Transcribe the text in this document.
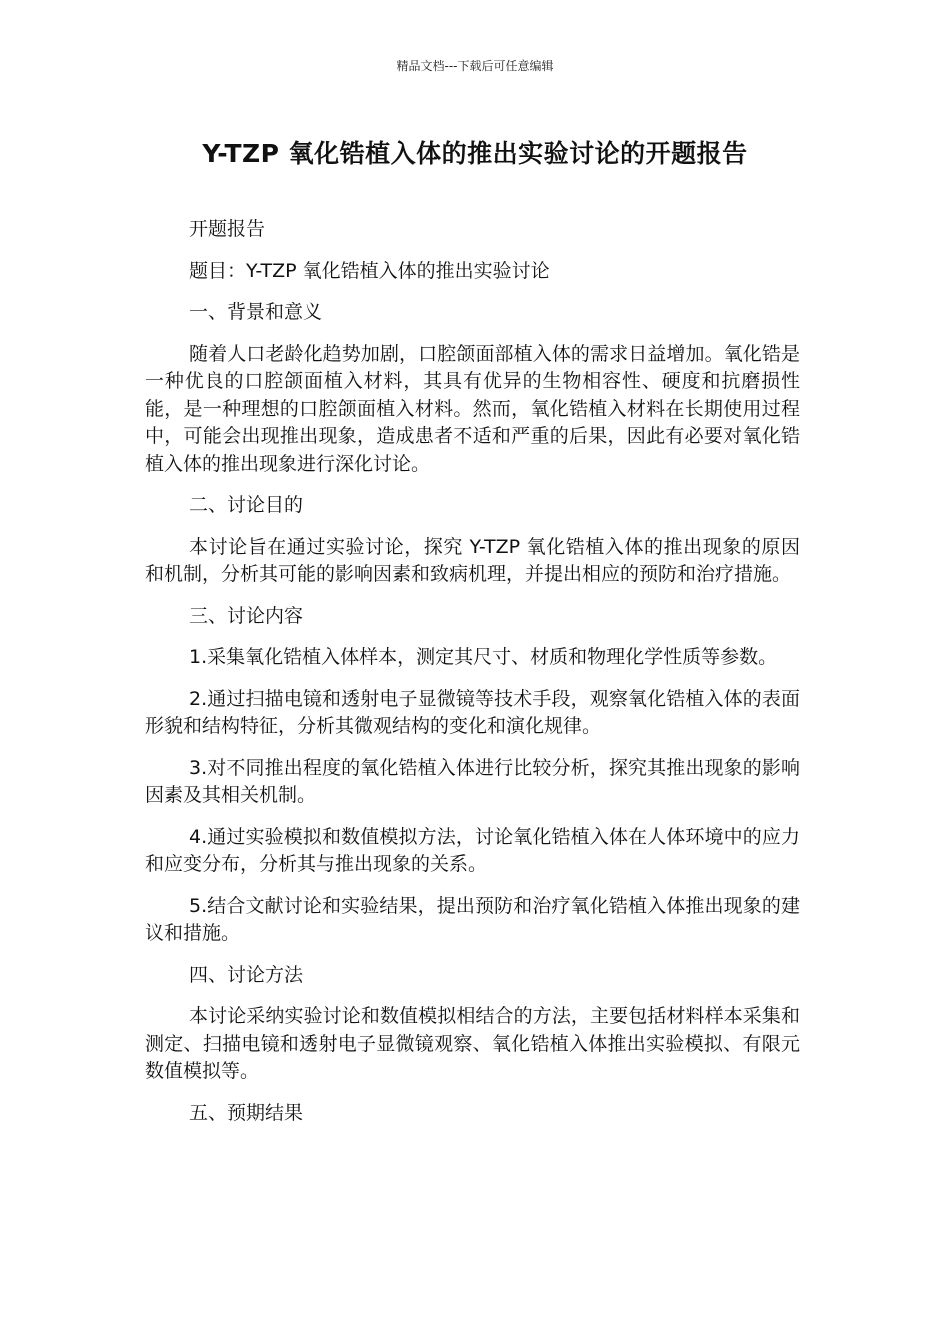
精品文档---下载后可任意编辑
Y-TZP 氧化锆植入体的推出实验讨论的开题报告

开题报告

题目：Y-TZP 氧化锆植入体的推出实验讨论

一、背景和意义

随着人口老龄化趋势加剧，口腔颌面部植入体的需求日益增加。氧化锆是一种优良的口腔颌面植入材料，其具有优异的生物相容性、硬度和抗磨损性能，是一种理想的口腔颌面植入材料。然而，氧化锆植入材料在长期使用过程中，可能会出现推出现象，造成患者不适和严重的后果，因此有必要对氧化锆植入体的推出现象进行深化讨论。

二、讨论目的

本讨论旨在通过实验讨论，探究 Y-TZP 氧化锆植入体的推出现象的原因和机制，分析其可能的影响因素和致病机理，并提出相应的预防和治疗措施。

三、讨论内容

1.采集氧化锆植入体样本，测定其尺寸、材质和物理化学性质等参数。

2.通过扫描电镜和透射电子显微镜等技术手段，观察氧化锆植入体的表面形貌和结构特征，分析其微观结构的变化和演化规律。

3.对不同推出程度的氧化锆植入体进行比较分析，探究其推出现象的影响因素及其相关机制。

4.通过实验模拟和数值模拟方法，讨论氧化锆植入体在人体环境中的应力和应变分布，分析其与推出现象的关系。

5.结合文献讨论和实验结果，提出预防和治疗氧化锆植入体推出现象的建议和措施。

四、讨论方法

本讨论采纳实验讨论和数值模拟相结合的方法，主要包括材料样本采集和测定、扫描电镜和透射电子显微镜观察、氧化锆植入体推出实验模拟、有限元数值模拟等。

五、预期结果
